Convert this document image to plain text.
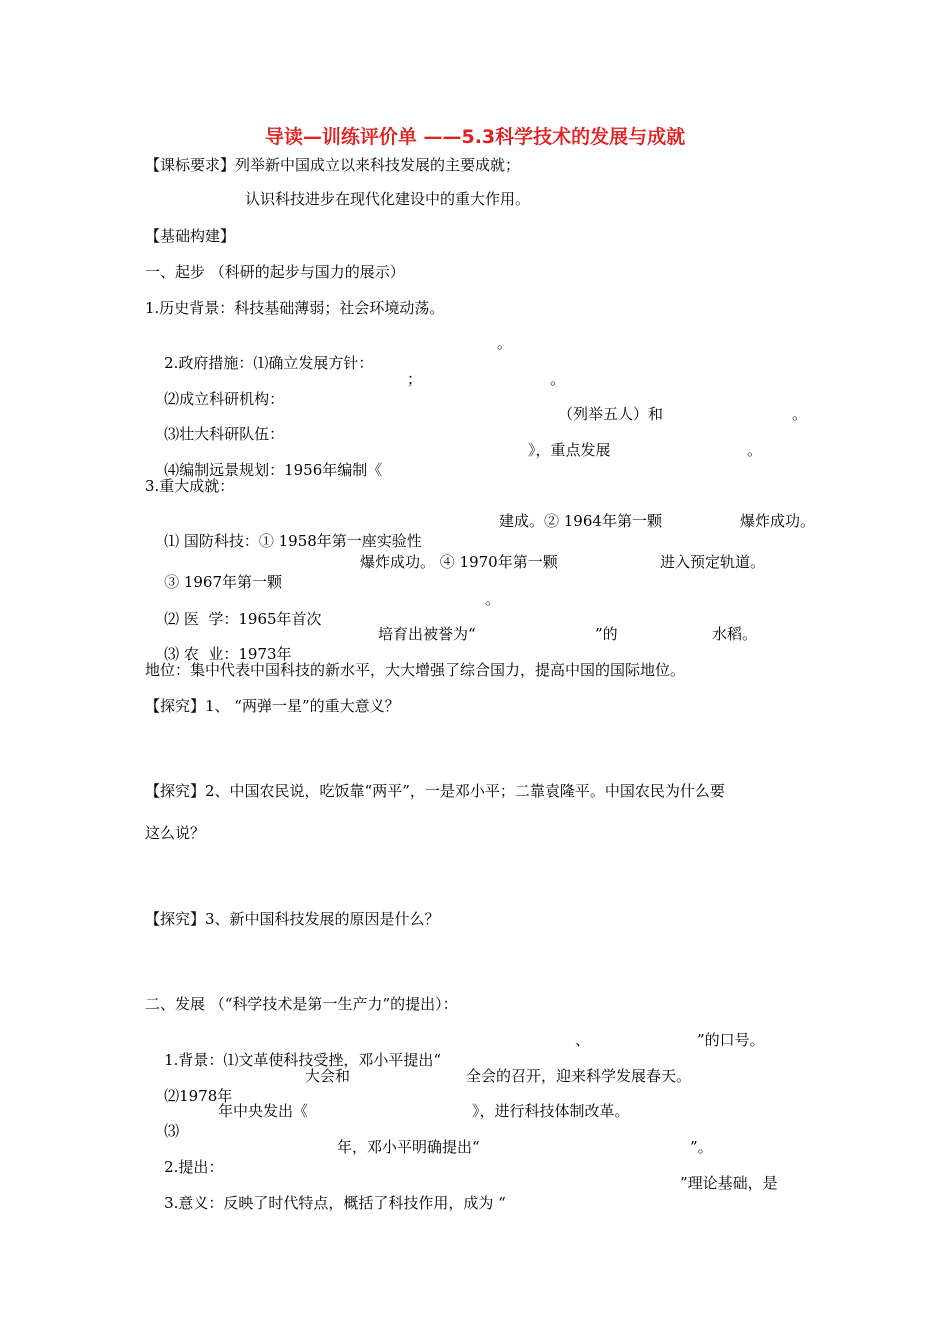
导读—训练评价单 ——5.3科学技术的发展与成就
【课标要求】列举新中国成立以来科技发展的主要成就；
认识科技进步在现代化建设中的重大作用。
【基础构建】
一、起步 （科研的起步与国力的展示）
1.历史背景：科技基础薄弱；社会环境动荡。

2.政府措施：⑴确立发展方针：

。

⑵成立科研机构：

；

	。

⑶壮大科研队伍：

（列举五人）和

	。

⑷编制远景规划：1956年编制《

》，重点发展

	。

3.重大成就：

⑴ 国防科技：① 1958年第一座实验性

建成。② 1964年第一颗

	爆炸成功。

③ 1967年第一颗

爆炸成功。 ④ 1970年第一颗

	进入预定轨道。

⑵ 医  学：1965年首次

。

⑶ 农  业：1973年

培育出被誉为“

	”的

	水稻。

地位：集中代表中国科技的新水平，大大增强了综合国力，提高中国的国际地位。
【探究】1、 “两弹一星”的重大意义？
【探究】2、中国农民说，吃饭靠“两平”，一是邓小平；二靠袁隆平。中国农民为什么要
这么说？
【探究】3、新中国科技发展的原因是什么？
二、发展 （“科学技术是第一生产力”的提出）：

1.背景：⑴文革使科技受挫，邓小平提出“

、

	”的口号。

⑵1978年

大会和

	全会的召开，迎来科学发展春天。

⑶

年中央发出《

	》，进行科技体制改革。

2.提出：

年，邓小平明确提出“

	”。

3.意义：反映了时代特点，概括了科技作用，成为 “

”理论基础，是
